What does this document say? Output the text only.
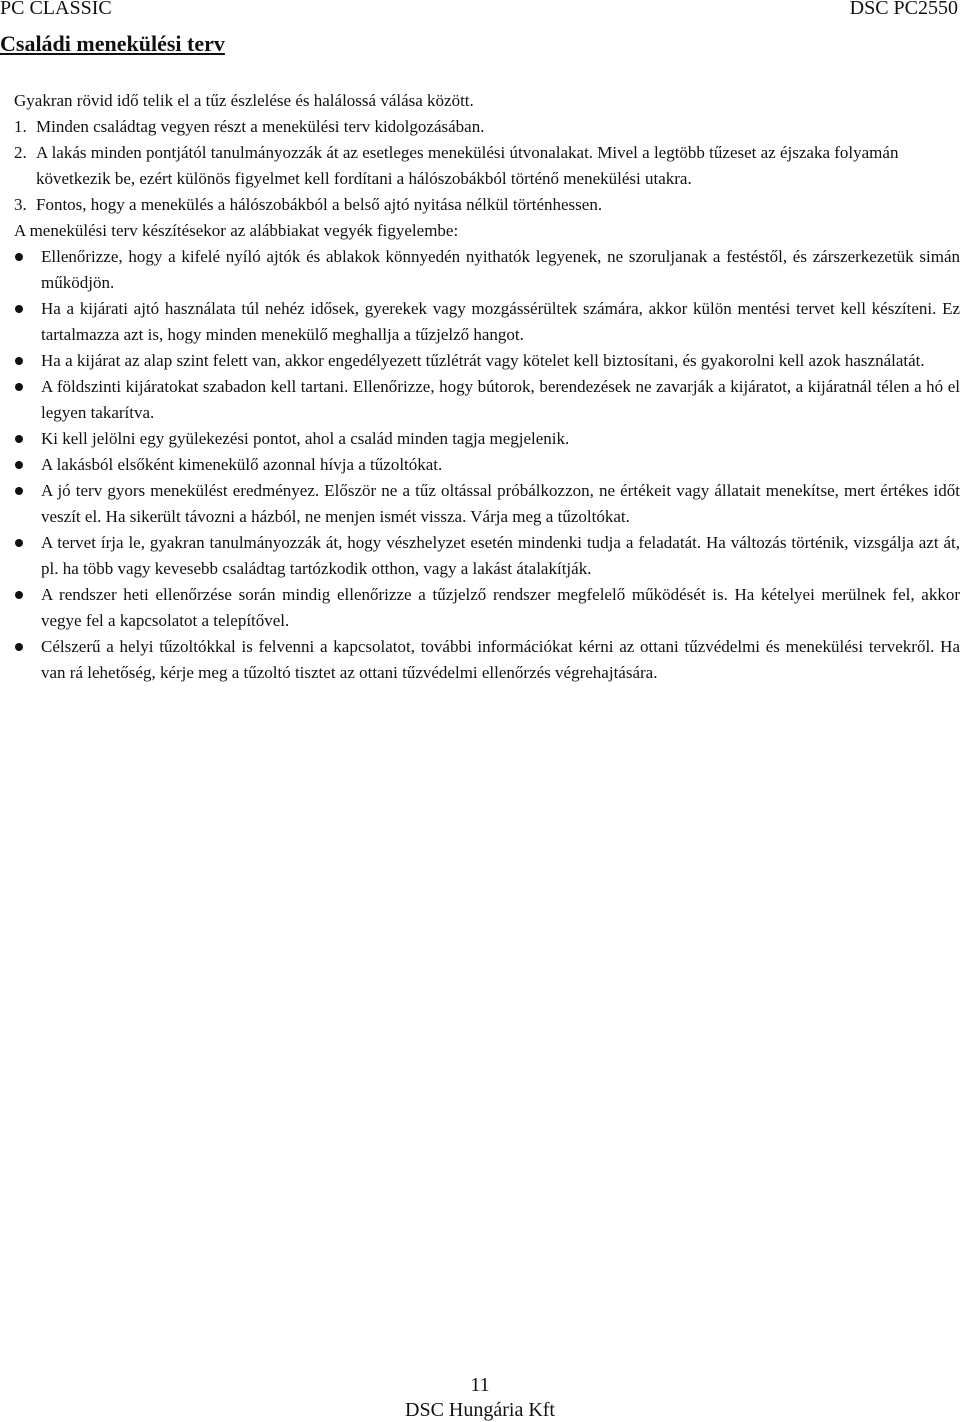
PC CLASSIC	DSC PC2550
Családi menekülési terv

Gyakran rövid idő telik el a tűz észlelése és halálossá válása között.

1. Minden családtag vegyen részt a menekülési terv kidolgozásában.
2. A lakás minden pontjától tanulmányozzák át az esetleges menekülési útvonalakat. Mivel a legtöbb tűzeset az éjszaka folyamán következik be, ezért különös figyelmet kell fordítani a hálószobákból történő menekülési utakra.
3. Fontos, hogy a menekülés a hálószobákból a belső ajtó nyitása nélkül történhessen.

A menekülési terv készítésekor az alábbiakat vegyék figyelembe:

Ellenőrizze, hogy a kifelé nyíló ajtók és ablakok könnyedén nyithatók legyenek, ne szoruljanak a festéstől, és zárszerkezetük simán működjön.
Ha a kijárati ajtó használata túl nehéz idősek, gyerekek vagy mozgássérültek számára, akkor külön mentési tervet kell készíteni. Ez tartalmazza azt is, hogy minden menekülő meghallja a tűzjelző hangot.
Ha a kijárat az alap szint felett van, akkor engedélyezett tűzlétrát vagy kötelet kell biztosítani, és gyakorolni kell azok használatát.
A földszinti kijáratokat szabadon kell tartani. Ellenőrizze, hogy bútorok, berendezések ne zavarják a kijáratot, a kijáratnál télen a hó el legyen takarítva.
Ki kell jelölni egy gyülekezési pontot, ahol a család minden tagja megjelenik.
A lakásból elsőként kimenekülő azonnal hívja a tűzoltókat.
A jó terv gyors menekülést eredményez. Először ne a tűz oltással próbálkozzon, ne értékeit vagy állatait menekítse, mert értékes időt veszít el. Ha sikerült távozni a házból, ne menjen ismét vissza. Várja meg a tűzoltókat.
A tervet írja le, gyakran tanulmányozzák át, hogy vészhelyzet esetén mindenki tudja a feladatát. Ha változás történik, vizsgálja azt át, pl. ha több vagy kevesebb családtag tartózkodik otthon, vagy a lakást átalakítják.
A rendszer heti ellenőrzése során mindig ellenőrizze a tűzjelző rendszer megfelelő működését is. Ha kételyei merülnek fel, akkor vegye fel a kapcsolatot a telepítővel.
Célszerű a helyi tűzoltókkal is felvenni a kapcsolatot, további információkat kérni az ottani tűzvédelmi és menekülési tervekről. Ha van rá lehetőség, kérje meg a tűzoltó tisztet az ottani tűzvédelmi ellenőrzés végrehajtására.
11
DSC Hungária Kft
